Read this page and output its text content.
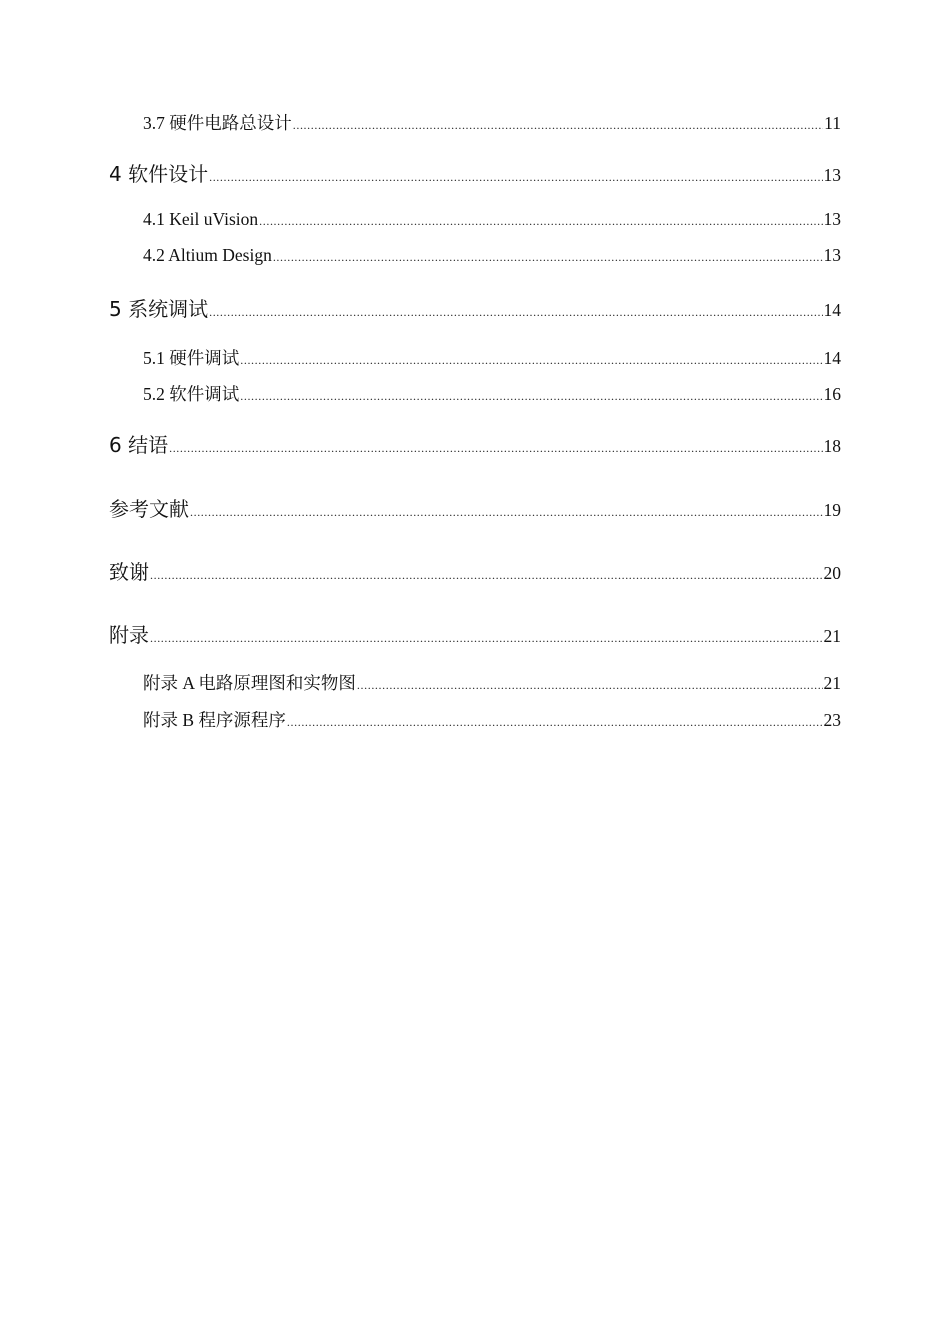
3.7 硬件电路总设计 .....	11
4 软件设计 .....	13
4.1 Keil uVision .....	13
4.2 Altium Design .....	13
5 系统调试 .....	14
5.1 硬件调试 .....	14
5.2 软件调试 .....	16
6 结语 .....	18
参考文献 .....	19
致谢 .....	20
附录 .....	21
附录 A 电路原理图和实物图 .....	21
附录 B 程序源程序 .....	23
